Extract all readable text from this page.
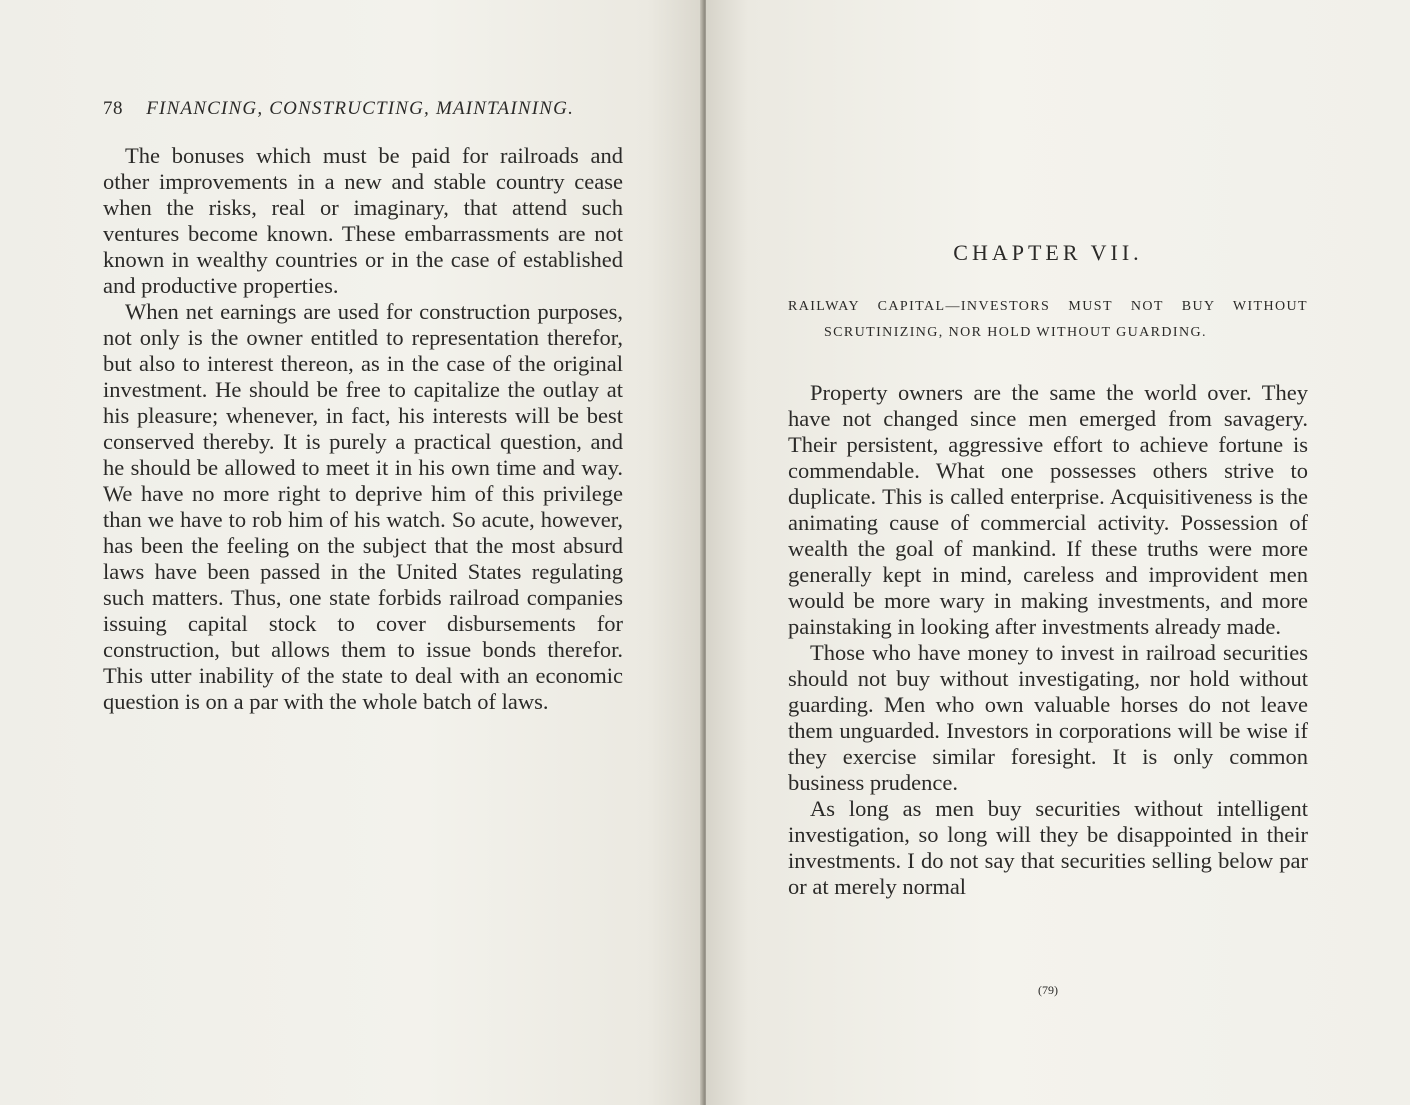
78 FINANCING, CONSTRUCTING, MAINTAINING.

The bonuses which must be paid for railroads and other improvements in a new and stable country cease when the risks, real or imaginary, that attend such ventures become known. These embarrassments are not known in wealthy countries or in the case of established and productive properties.

When net earnings are used for construction purposes, not only is the owner entitled to representation therefor, but also to interest thereon, as in the case of the original investment. He should be free to capitalize the outlay at his pleasure; whenever, in fact, his interests will be best conserved thereby. It is purely a practical question, and he should be allowed to meet it in his own time and way. We have no more right to deprive him of this privilege than we have to rob him of his watch. So acute, however, has been the feeling on the subject that the most absurd laws have been passed in the United States regulating such matters. Thus, one state forbids railroad companies issuing capital stock to cover disbursements for construction, but allows them to issue bonds therefor. This utter inability of the state to deal with an economic question is on a par with the whole batch of laws.

CHAPTER VII.
RAILWAY CAPITAL—INVESTORS MUST NOT BUY WITHOUT SCRUTINIZING, NOR HOLD WITHOUT GUARDING.

Property owners are the same the world over. They have not changed since men emerged from savagery. Their persistent, aggressive effort to achieve fortune is commendable. What one possesses others strive to duplicate. This is called enterprise. Acquisitiveness is the animating cause of commercial activity. Possession of wealth the goal of mankind. If these truths were more generally kept in mind, careless and improvident men would be more wary in making investments, and more painstaking in looking after investments already made.

Those who have money to invest in railroad securities should not buy without investigating, nor hold without guarding. Men who own valuable horses do not leave them unguarded. Investors in corporations will be wise if they exercise similar foresight. It is only common business prudence.

As long as men buy securities without intelligent investigation, so long will they be disappointed in their investments. I do not say that securities selling below par or at merely normal

(79)
